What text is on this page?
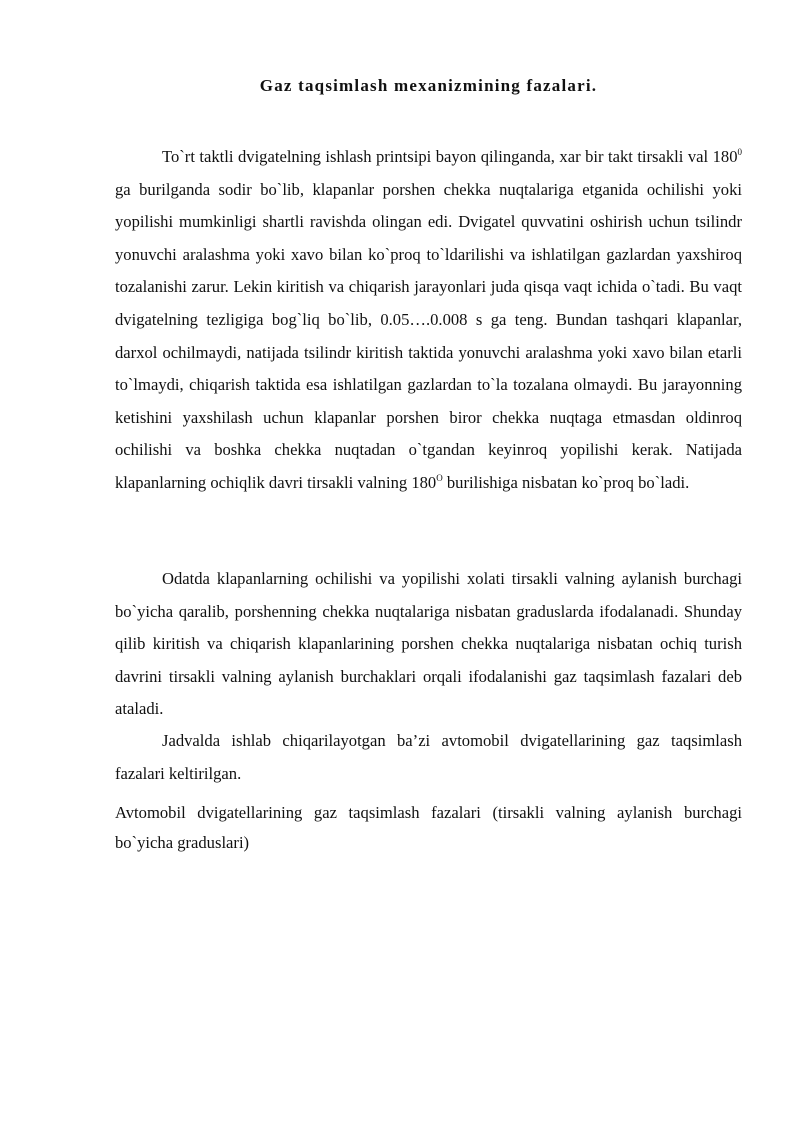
Gaz taqsimlash mexanizmining fazalari.

To`rt taktli dvigatelning ishlash printsipi bayon qilinganda, xar bir takt tirsakli val $180^0$ ga burilganda sodir bo`lib, klapanlar porshen chekka nuqtalariga etganida ochilishi yoki yopilishi mumkinligi shartli ravishda olingan edi. Dvigatel quvvatini oshirish uchun tsilindr yonuvchi aralashma yoki xavo bilan ko`proq to`ldarilishi va ishlatilgan gazlardan yaxshiroq tozalanishi zarur. Lekin kiritish va chiqarish jarayonlari juda qisqa vaqt ichida o`tadi. Bu vaqt dvigatelning tezligiga bog`liq bo`lib, 0.05….0.008 s ga teng. Bundan tashqari klapanlar, darxol ochilmaydi, natijada tsilindr kiritish taktida yonuvchi aralashma yoki xavo bilan etarli to`lmaydi, chiqarish taktida esa ishlatilgan gazlardan to`la tozalana olmaydi. Bu jarayonning ketishini yaxshilash uchun klapanlar porshen biror chekka nuqtaga etmasdan oldinroq ochilishi va boshka chekka nuqtadan o`tgandan keyinroq yopilishi kerak. Natijada klapanlarning ochiqlik davri tirsakli valning $180^O$ burilishiga nisbatan ko`proq bo`ladi.

Odatda klapanlarning ochilishi va yopilishi xolati tirsakli valning aylanish burchagi bo`yicha qaralib, porshenning chekka nuqtalariga nisbatan graduslarda ifodalanadi. Shunday qilib kiritish va chiqarish klapanlarining porshen chekka nuqtalariga nisbatan ochiq turish davrini tirsakli valning aylanish burchaklari orqali ifodalanishi gaz taqsimlash fazalari deb ataladi.

Jadvalda ishlab chiqarilayotgan ba’zi avtomobil dvigatellarining gaz taqsimlash fazalari keltirilgan.

Avtomobil dvigatellarining gaz taqsimlash fazalari (tirsakli valning aylanish burchagi bo`yicha graduslari)
